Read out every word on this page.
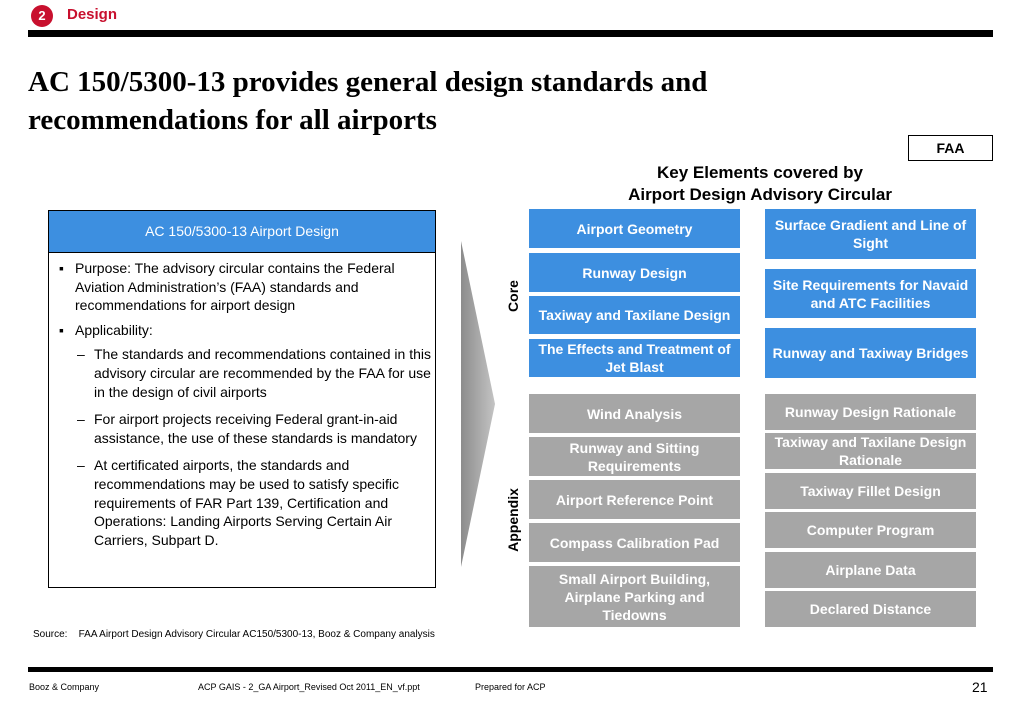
2	Design
AC 150/5300-13 provides general design standards and recommendations for all airports
FAA
Key Elements covered by
Airport Design Advisory Circular
AC 150/5300-13 Airport Design
▪ Purpose: The advisory circular contains the Federal Aviation Administration’s (FAA) standards and recommendations for airport design
▪ Applicability:
– The standards and recommendations contained in this advisory circular are recommended by the FAA for use in the design of civil airports
– For airport projects receiving Federal grant-in-aid assistance, the use of these standards is mandatory
– At certificated airports, the standards and recommendations may be used to satisfy specific requirements of FAR Part 139, Certification and Operations: Landing Airports Serving Certain Air Carriers, Subpart D.
Core
Appendix
Airport Geometry
Runway Design
Taxiway and Taxilane Design
The Effects and Treatment of Jet Blast
Surface Gradient and Line of Sight
Site Requirements for Navaid and ATC Facilities
Runway and Taxiway Bridges
Wind Analysis
Runway and Sitting Requirements
Airport Reference Point
Compass Calibration Pad
Small Airport Building, Airplane Parking and Tiedowns
Runway Design Rationale
Taxiway and Taxilane Design Rationale
Taxiway Fillet Design
Computer Program
Airplane Data
Declared Distance
Source: FAA Airport Design Advisory Circular AC150/5300-13, Booz & Company analysis
Booz & Company	ACP GAIS - 2_GA Airport_Revised Oct 2011_EN_vf.ppt	Prepared for ACP	21
